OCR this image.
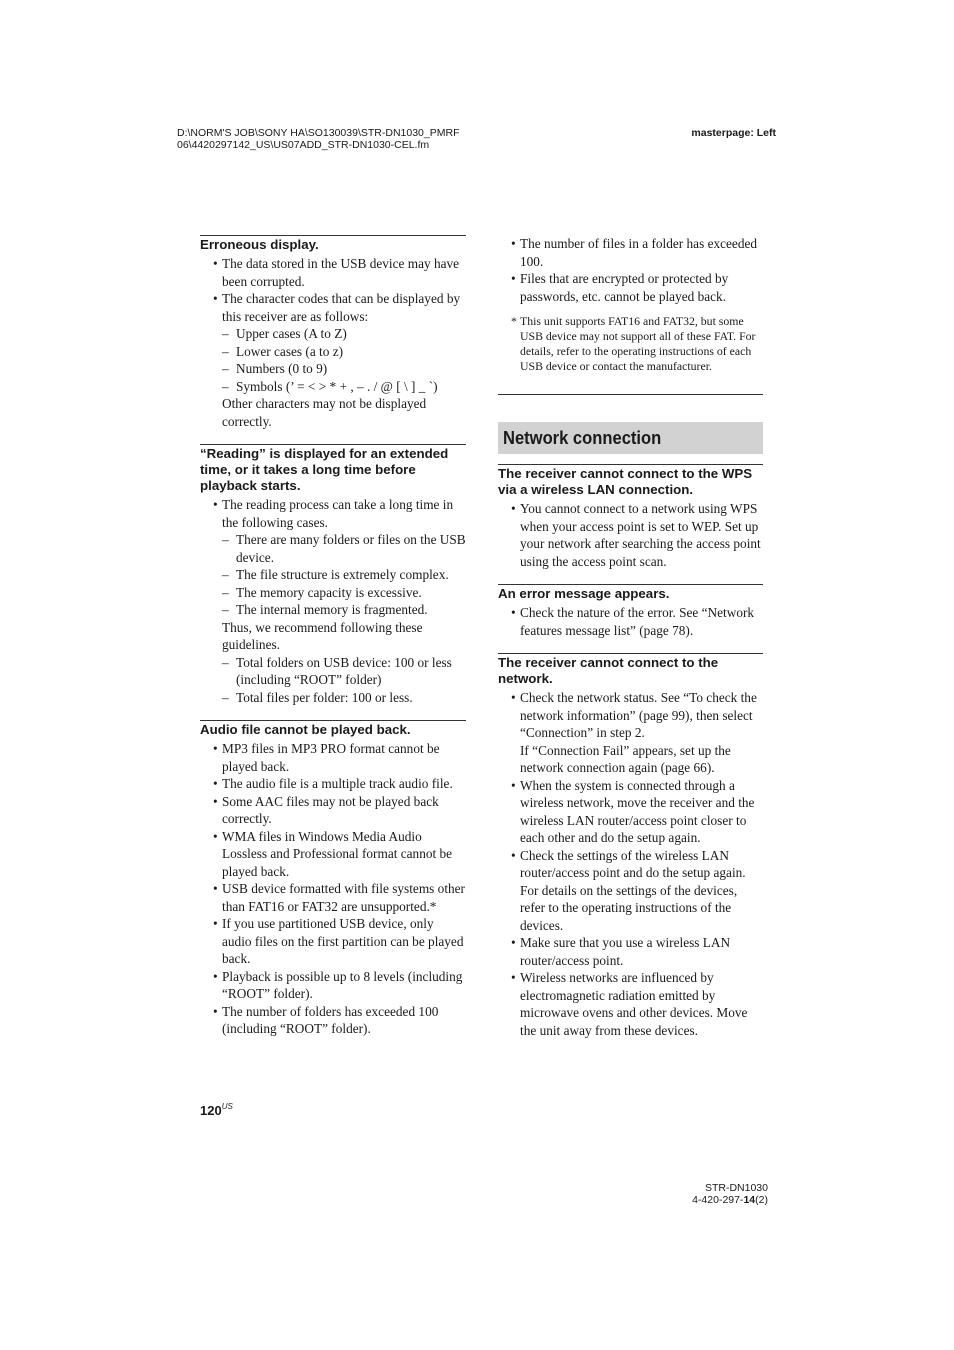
D:\NORM'S JOB\SONY HA\SO130039\STR-DN1030_PMRF
06\4420297142_US\US07ADD_STR-DN1030-CEL.fm
masterpage: Left
Erroneous display.
• The data stored in the USB device may have been corrupted.
• The character codes that can be displayed by this receiver are as follows:
– Upper cases (A to Z)
– Lower cases (a to z)
– Numbers (0 to 9)
– Symbols (’ = < > * + , – . / @ [ \ ] _ `)
Other characters may not be displayed correctly.
“Reading” is displayed for an extended time, or it takes a long time before playback starts.
• The reading process can take a long time in the following cases.
– There are many folders or files on the USB device.
– The file structure is extremely complex.
– The memory capacity is excessive.
– The internal memory is fragmented.
Thus, we recommend following these guidelines.
– Total folders on USB device: 100 or less (including “ROOT” folder)
– Total files per folder: 100 or less.
Audio file cannot be played back.
• MP3 files in MP3 PRO format cannot be played back.
• The audio file is a multiple track audio file.
• Some AAC files may not be played back correctly.
• WMA files in Windows Media Audio Lossless and Professional format cannot be played back.
• USB device formatted with file systems other than FAT16 or FAT32 are unsupported.*
• If you use partitioned USB device, only audio files on the first partition can be played back.
• Playback is possible up to 8 levels (including “ROOT” folder).
• The number of folders has exceeded 100 (including “ROOT” folder).
• The number of files in a folder has exceeded 100.
• Files that are encrypted or protected by passwords, etc. cannot be played back.
* This unit supports FAT16 and FAT32, but some USB device may not support all of these FAT. For details, refer to the operating instructions of each USB device or contact the manufacturer.
Network connection
The receiver cannot connect to the WPS via a wireless LAN connection.
• You cannot connect to a network using WPS when your access point is set to WEP. Set up your network after searching the access point using the access point scan.
An error message appears.
• Check the nature of the error. See “Network features message list” (page 78).
The receiver cannot connect to the network.
• Check the network status. See “To check the network information” (page 99), then select “Connection” in step 2.
If “Connection Fail” appears, set up the network connection again (page 66).
• When the system is connected through a wireless network, move the receiver and the wireless LAN router/access point closer to each other and do the setup again.
• Check the settings of the wireless LAN router/access point and do the setup again. For details on the settings of the devices, refer to the operating instructions of the devices.
• Make sure that you use a wireless LAN router/access point.
• Wireless networks are influenced by electromagnetic radiation emitted by microwave ovens and other devices. Move the unit away from these devices.
$120^{US}$
STR-DN1030
4-420-297-14(2)
